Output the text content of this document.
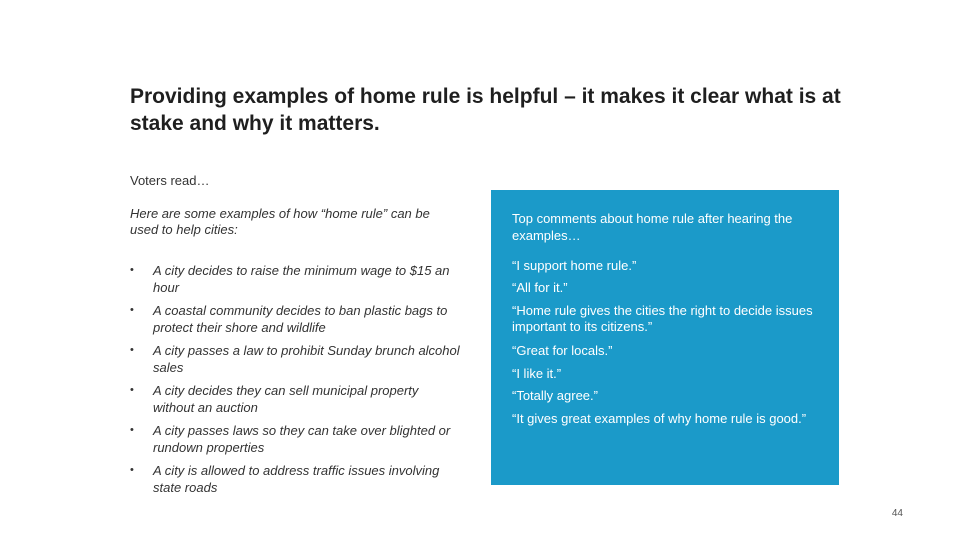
Providing examples of home rule is helpful – it makes it clear what is at stake and why it matters.
Voters read…
Here are some examples of how “home rule” can be used to help cities:
• A city decides to raise the minimum wage to $15 an hour
• A coastal community decides to ban plastic bags to protect their shore and wildlife
• A city passes a law to prohibit Sunday brunch alcohol sales
• A city decides they can sell municipal property without an auction
• A city passes laws so they can take over blighted or rundown properties
• A city is allowed to address traffic issues involving state roads
Top comments about home rule after hearing the examples…
“I support home rule.”
“All for it.”
“Home rule gives the cities the right to decide issues important to its citizens.”
“Great for locals.”
“I like it.”
“Totally agree.”
“It gives great examples of why home rule is good.”
44
